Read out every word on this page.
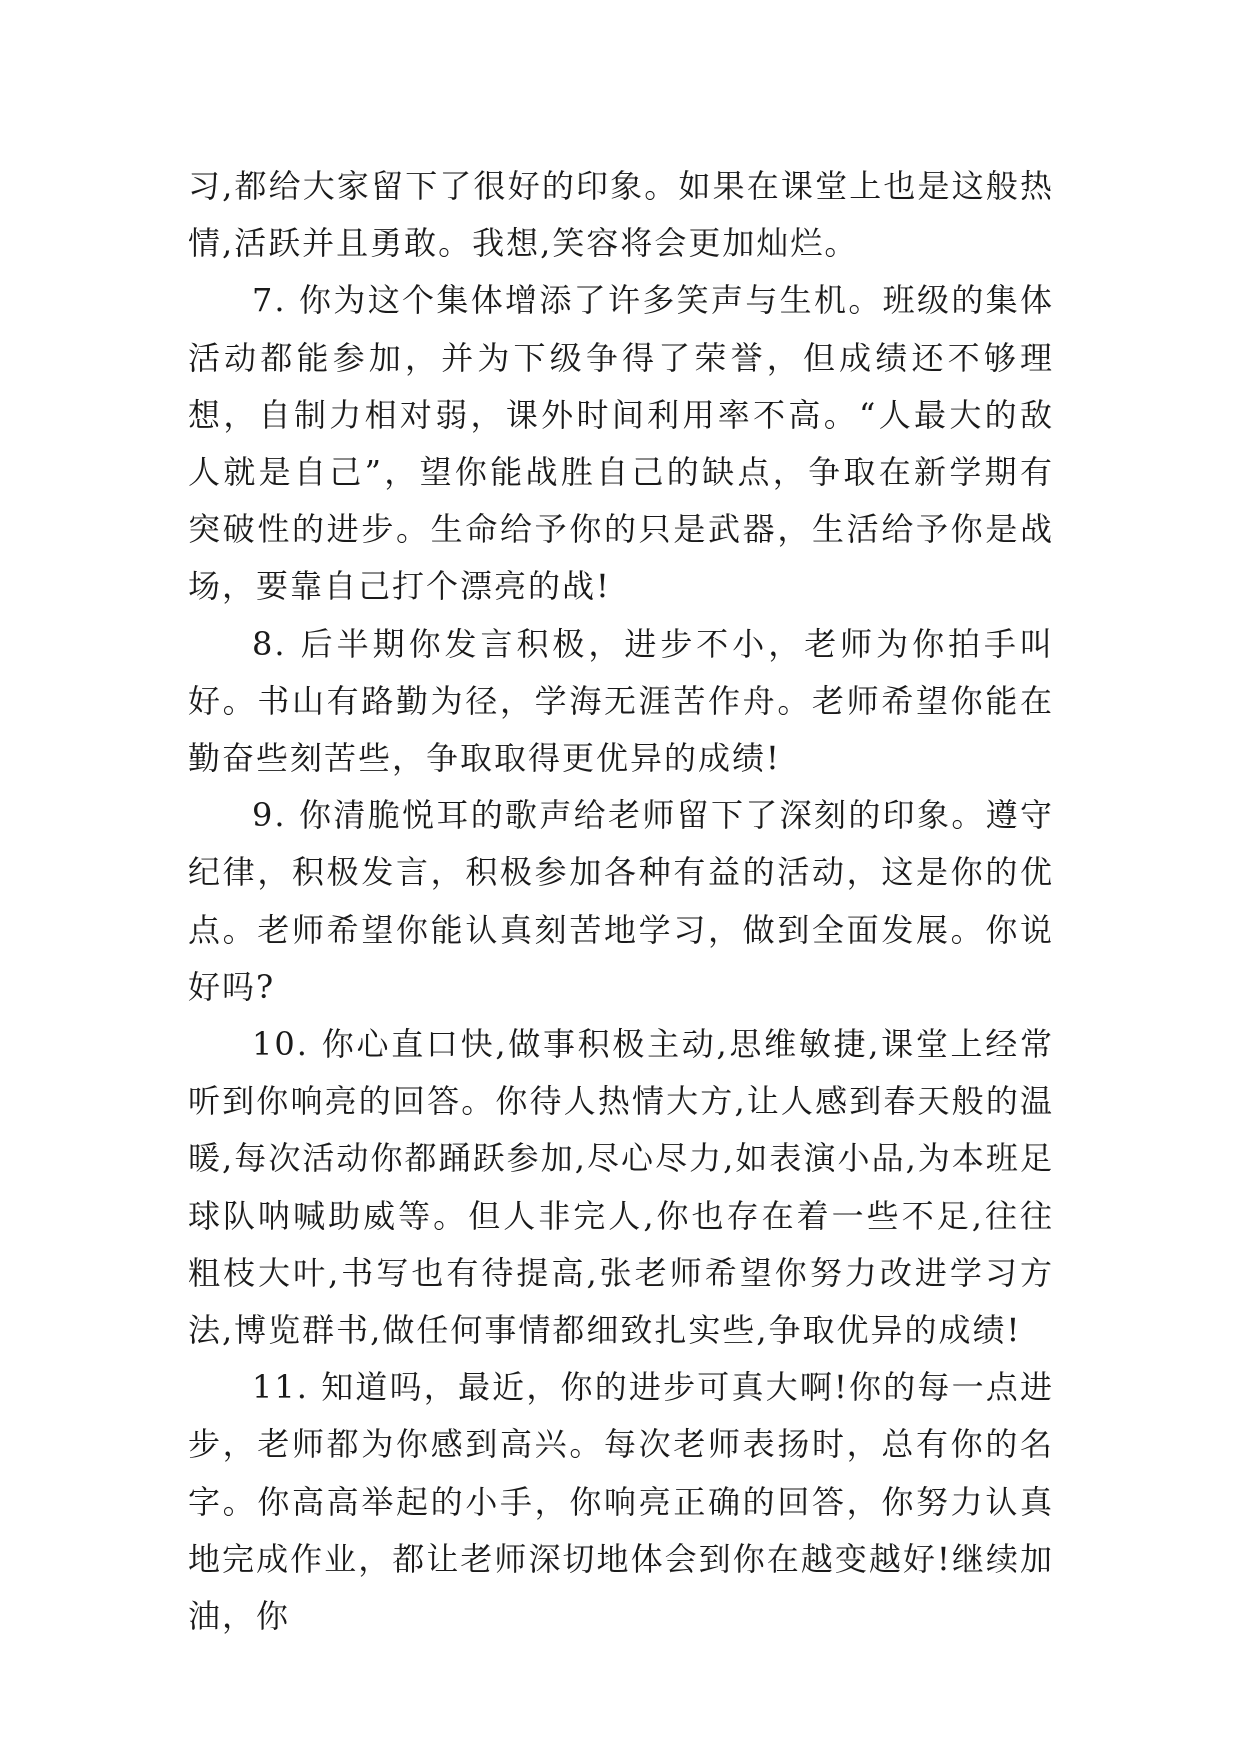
习,都给大家留下了很好的印象。如果在课堂上也是这般热情,活跃并且勇敢。我想,笑容将会更加灿烂。

7. 你为这个集体增添了许多笑声与生机。班级的集体活动都能参加，并为下级争得了荣誉，但成绩还不够理想，自制力相对弱，课外时间利用率不高。“人最大的敌人就是自己”，望你能战胜自己的缺点，争取在新学期有突破性的进步。生命给予你的只是武器，生活给予你是战场，要靠自己打个漂亮的战!

8. 后半期你发言积极，进步不小，老师为你拍手叫好。书山有路勤为径，学海无涯苦作舟。老师希望你能在勤奋些刻苦些，争取取得更优异的成绩!

9. 你清脆悦耳的歌声给老师留下了深刻的印象。遵守纪律，积极发言，积极参加各种有益的活动，这是你的优点。老师希望你能认真刻苦地学习，做到全面发展。你说好吗?

10. 你心直口快,做事积极主动,思维敏捷,课堂上经常听到你响亮的回答。你待人热情大方,让人感到春天般的温暖,每次活动你都踊跃参加,尽心尽力,如表演小品,为本班足球队呐喊助威等。但人非完人,你也存在着一些不足,往往粗枝大叶,书写也有待提高,张老师希望你努力改进学习方法,博览群书,做任何事情都细致扎实些,争取优异的成绩!

11. 知道吗，最近，你的进步可真大啊!你的每一点进步，老师都为你感到高兴。每次老师表扬时，总有你的名字。你高高举起的小手，你响亮正确的回答，你努力认真地完成作业，都让老师深切地体会到你在越变越好!继续加油，你
